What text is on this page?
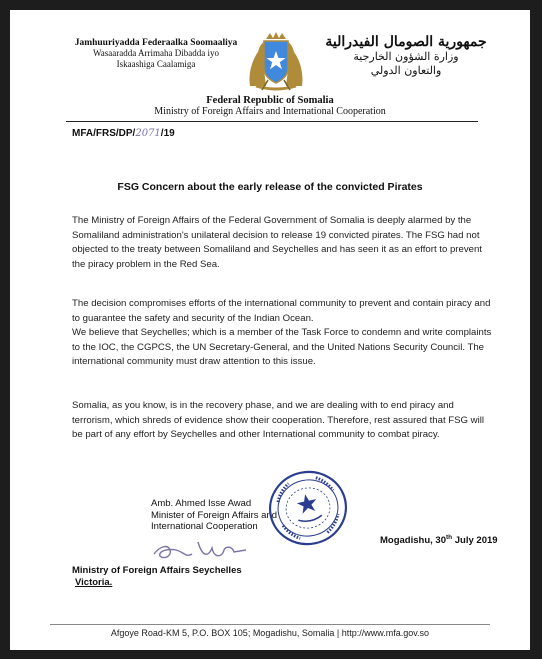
Jamhuuriyadda Federaalka Soomaaliya
Wasaaradda Arrimaha Dibadda iyo
Iskaashiga Caalamiga
جمهورية الصومال الفيدرالية
وزارة الشؤون الخارجية
والتعاون الدولي
Federal Republic of Somalia
Ministry of Foreign Affairs and International Cooperation
MFA/FRS/DP/2071/19
FSG Concern about the early release of the convicted Pirates
The Ministry of Foreign Affairs of the Federal Government of Somalia is deeply alarmed by the Somaliland administration's unilateral decision to release 19 convicted pirates. The FSG had not objected to the treaty between Somaliland and Seychelles and has seen it as an effort to prevent the piracy problem in the Red Sea.
The decision compromises efforts of the international community to prevent and contain piracy and to guarantee the safety and security of the Indian Ocean.
We believe that Seychelles; which is a member of the Task Force to condemn and write complaints to the IOC, the CGPCS, the UN Secretary-General, and the United Nations Security Council. The international community must draw attention to this issue.
Somalia, as you know, is in the recovery phase, and we are dealing with to end piracy and terrorism, which shreds of evidence show their cooperation. Therefore, rest assured that FSG will be part of any effort by Seychelles and other International community to combat piracy.
Amb. Ahmed Isse Awad
Minister of Foreign Affairs and
International Cooperation
Mogadishu, 30th July 2019
Ministry of Foreign Affairs Seychelles
Victoria.
Afgoye Road-KM 5, P.O. BOX 105; Mogadishu, Somalia | http://www.mfa.gov.so
